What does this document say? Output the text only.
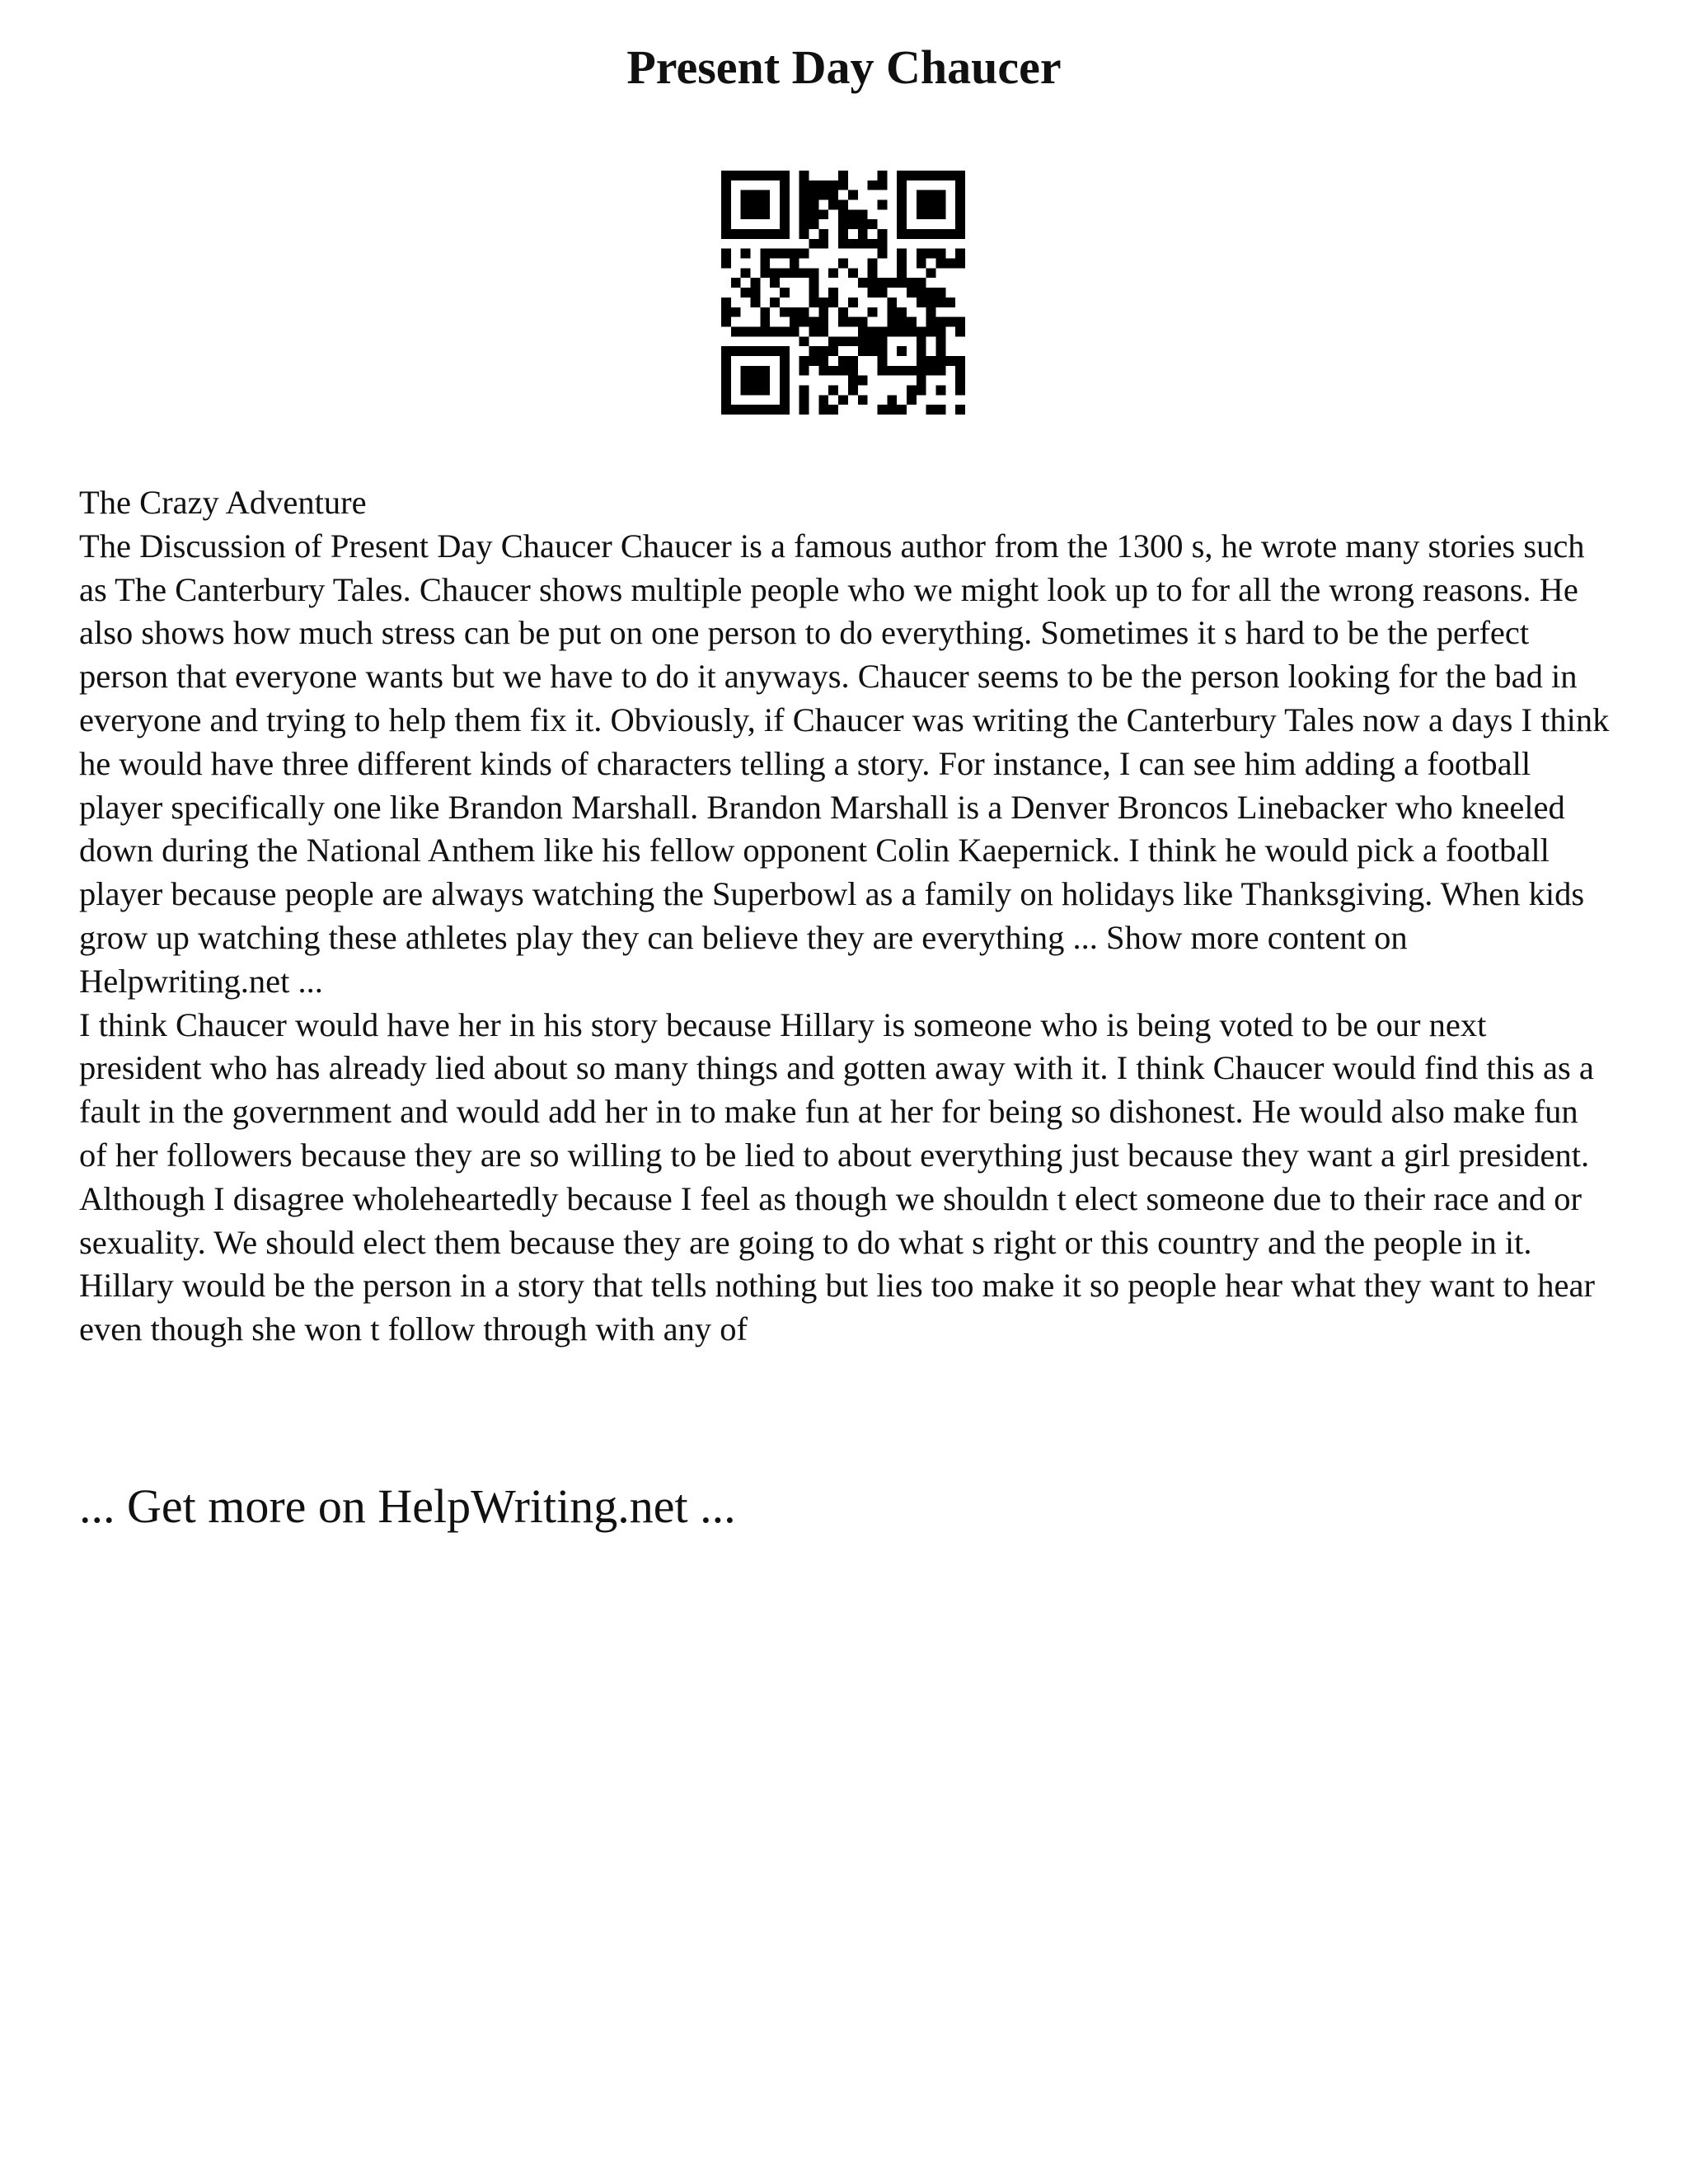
Present Day Chaucer

The Crazy Adventure

The Discussion of Present Day Chaucer Chaucer is a famous author from the 1300 s, he wrote many stories such as The Canterbury Tales. Chaucer shows multiple people who we might look up to for all the wrong reasons. He also shows how much stress can be put on one person to do everything. Sometimes it s hard to be the perfect person that everyone wants but we have to do it anyways. Chaucer seems to be the person looking for the bad in everyone and trying to help them fix it. Obviously, if Chaucer was writing the Canterbury Tales now a days I think he would have three different kinds of characters telling a story. For instance, I can see him adding a football player specifically one like Brandon Marshall. Brandon Marshall is a Denver Broncos Linebacker who kneeled down during the National Anthem like his fellow opponent Colin Kaepernick. I think he would pick a football player because people are always watching the Superbowl as a family on holidays like Thanksgiving. When kids grow up watching these athletes play they can believe they are everything ... Show more content on Helpwriting.net ...

I think Chaucer would have her in his story because Hillary is someone who is being voted to be our next president who has already lied about so many things and gotten away with it. I think Chaucer would find this as a fault in the government and would add her in to make fun at her for being so dishonest. He would also make fun of her followers because they are so willing to be lied to about everything just because they want a girl president. Although I disagree wholeheartedly because I feel as though we shouldn t elect someone due to their race and or sexuality. We should elect them because they are going to do what s right or this country and the people in it. Hillary would be the person in a story that tells nothing but lies too make it so people hear what they want to hear even though she won t follow through with any of

... Get more on HelpWriting.net ...
